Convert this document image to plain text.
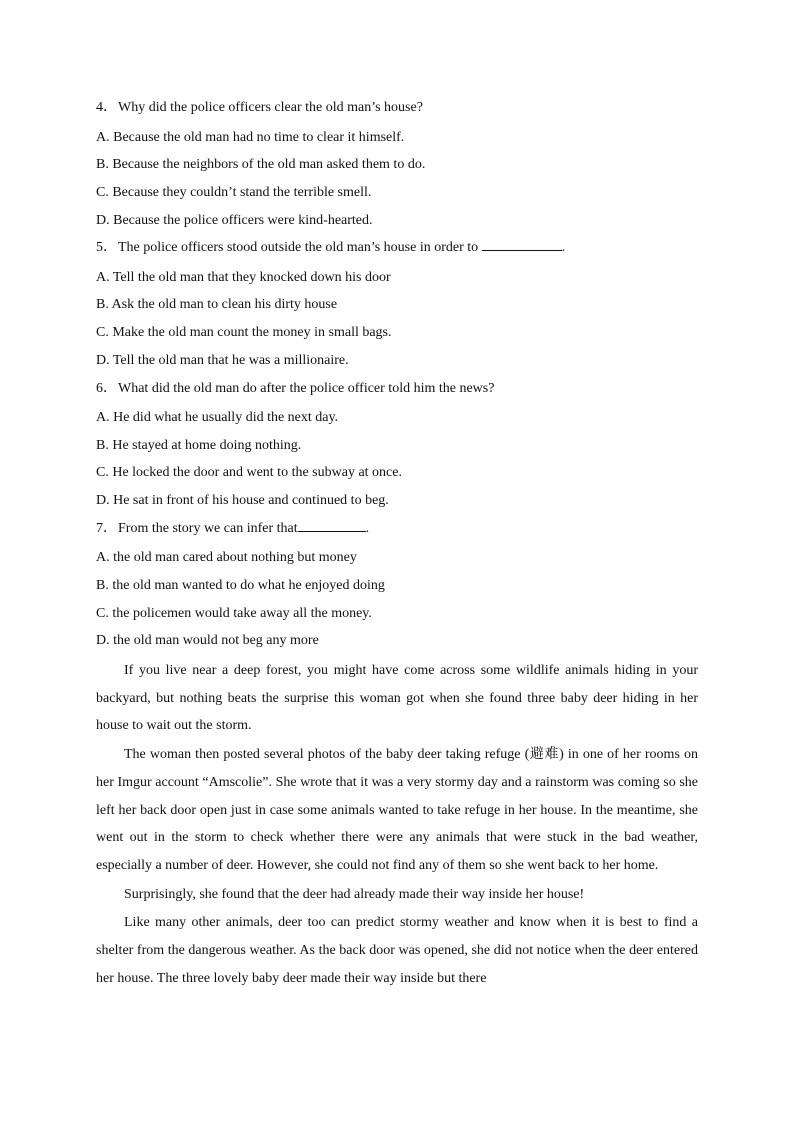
4．Why did the police officers clear the old man’s house?

A. Because the old man had no time to clear it himself.

B. Because the neighbors of the old man asked them to do.

C. Because they couldn’t stand the terrible smell.

D. Because the police officers were kind-hearted.

5．The police officers stood outside the old man’s house in order to	.

A. Tell the old man that they knocked down his door

B. Ask the old man to clean his dirty house

C. Make the old man count the money in small bags.

D. Tell the old man that he was a millionaire.

6．What did the old man do after the police officer told him the news?

A. He did what he usually did the next day.

B. He stayed at home doing nothing.

C. He locked the door and went to the subway at once.

D. He sat in front of his house and continued to beg.

7．From the story we can infer that	.

A. the old man cared about nothing but money

B. the old man wanted to do what he enjoyed doing

C. the policemen would take away all the money.

D. the old man would not beg any more

If you live near a deep forest, you might have come across some wildlife animals hiding in your backyard, but nothing beats the surprise this woman got when she found three baby deer hiding in her house to wait out the storm.

The woman then posted several photos of the baby deer taking refuge (避难) in one of her rooms on her Imgur account “Amscolie”. She wrote that it was a very stormy day and a rainstorm was coming so she left her back door open just in case some animals wanted to take refuge in her house. In the meantime, she went out in the storm to check whether there were any animals that were stuck in the bad weather, especially a number of deer. However, she could not find any of them so she went back to her home.

Surprisingly, she found that the deer had already made their way inside her house!

Like many other animals, deer too can predict stormy weather and know when it is best to find a shelter from the dangerous weather. As the back door was opened, she did not notice when the deer entered her house. The three lovely baby deer made their way inside but there
